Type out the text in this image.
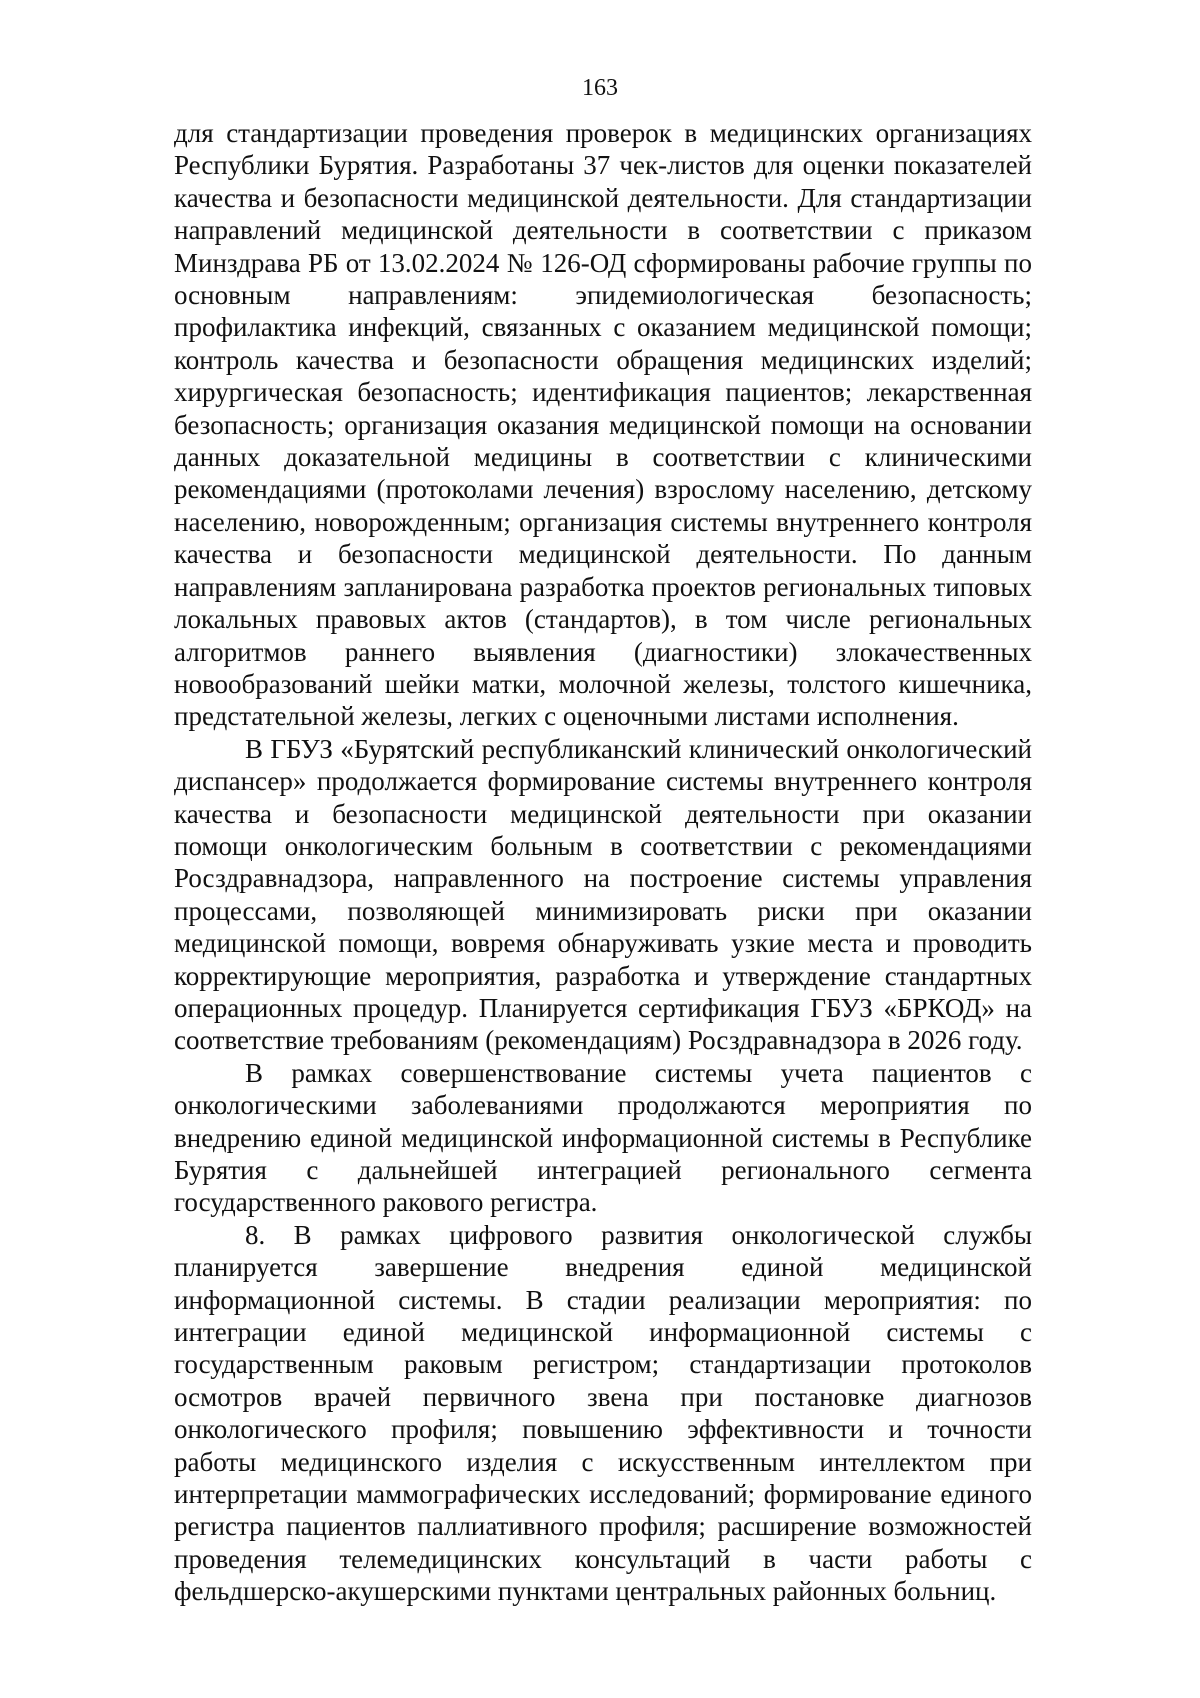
163

для стандартизации проведения проверок в медицинских организациях Республики Бурятия. Разработаны 37 чек-листов для оценки показателей качества и безопасности медицинской деятельности. Для стандартизации направлений медицинской деятельности в соответствии с приказом Минздрава РБ от 13.02.2024 № 126-ОД сформированы рабочие группы по основным направлениям: эпидемиологическая безопасность; профилактика инфекций, связанных с оказанием медицинской помощи; контроль качества и безопасности обращения медицинских изделий; хирургическая безопасность; идентификация пациентов; лекарственная безопасность; организация оказания медицинской помощи на основании данных доказательной медицины в соответствии с клиническими рекомендациями (протоколами лечения) взрослому населению, детскому населению, новорожденным; организация системы внутреннего контроля качества и безопасности медицинской деятельности. По данным направлениям запланирована разработка проектов региональных типовых локальных правовых актов (стандартов), в том числе региональных алгоритмов раннего выявления (диагностики) злокачественных новообразований шейки матки, молочной железы, толстого кишечника, предстательной железы, легких с оценочными листами исполнения.

В ГБУЗ «Бурятский республиканский клинический онкологический диспансер» продолжается формирование системы внутреннего контроля качества и безопасности медицинской деятельности при оказании помощи онкологическим больным в соответствии с рекомендациями Росздравнадзора, направленного на построение системы управления процессами, позволяющей минимизировать риски при оказании медицинской помощи, вовремя обнаруживать узкие места и проводить корректирующие мероприятия, разработка и утверждение стандартных операционных процедур. Планируется сертификация ГБУЗ «БРКОД» на соответствие требованиям (рекомендациям) Росздравнадзора в 2026 году.

В рамках совершенствование системы учета пациентов с онкологическими заболеваниями продолжаются мероприятия по внедрению единой медицинской информационной системы в Республике Бурятия с дальнейшей интеграцией регионального сегмента государственного ракового регистра.

8. В рамках цифрового развития онкологической службы планируется завершение внедрения единой медицинской информационной системы. В стадии реализации мероприятия: по интеграции единой медицинской информационной системы с государственным раковым регистром; стандартизации протоколов осмотров врачей первичного звена при постановке диагнозов онкологического профиля; повышению эффективности и точности работы медицинского изделия с искусственным интеллектом при интерпретации маммографических исследований; формирование единого регистра пациентов паллиативного профиля; расширение возможностей проведения телемедицинских консультаций в части работы с фельдшерско-акушерскими пунктами центральных районных больниц.
